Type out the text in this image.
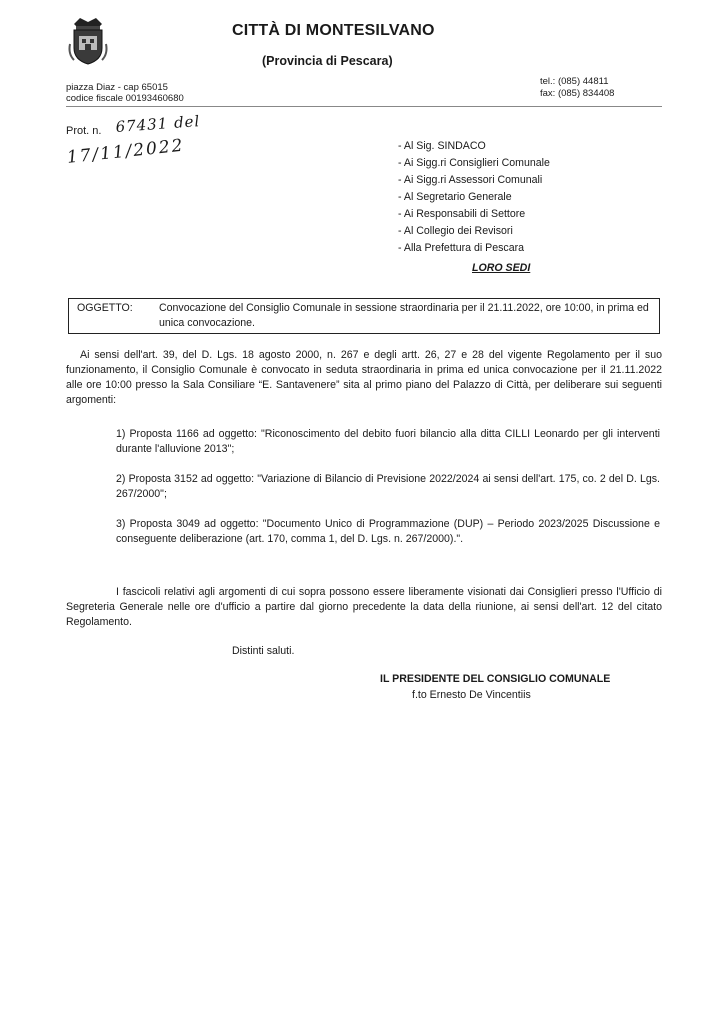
CITTÀ DI MONTESILVANO
(Provincia di Pescara)
piazza Diaz - cap 65015
codice fiscale 00193460680
tel.: (085) 44811
fax: (085) 834408
Prot. n. 67431 del
17/11/2022	- Al Sig. SINDACO
- Ai Sigg.ri Consiglieri Comunale
- Ai Sigg.ri Assessori Comunali
- Al Segretario Generale
- Ai Responsabili di Settore
- Al Collegio dei Revisori
- Alla Prefettura di Pescara
LORO SEDI
OGGETTO: Convocazione del Consiglio Comunale in sessione straordinaria per il 21.11.2022, ore 10:00, in prima ed unica convocazione.
Ai sensi dell'art. 39, del D. Lgs. 18 agosto 2000, n. 267 e degli artt. 26, 27 e 28 del vigente Regolamento per il suo funzionamento, il Consiglio Comunale è convocato in seduta straordinaria in prima ed unica convocazione per il 21.11.2022 alle ore 10:00 presso la Sala Consiliare “E. Santavenere” sita al primo piano del Palazzo di Città, per deliberare sui seguenti argomenti:
1) Proposta 1166 ad oggetto: "Riconoscimento del debito fuori bilancio alla ditta CILLI Leonardo per gli interventi durante l'alluvione 2013";
2) Proposta 3152 ad oggetto: "Variazione di Bilancio di Previsione 2022/2024 ai sensi dell'art. 175, co. 2 del D. Lgs. 267/2000";
3) Proposta 3049 ad oggetto: "Documento Unico di Programmazione (DUP) – Periodo 2023/2025 Discussione e conseguente deliberazione (art. 170, comma 1, del D. Lgs. n. 267/2000).".
I fascicoli relativi agli argomenti di cui sopra possono essere liberamente visionati dai Consiglieri presso l'Ufficio di Segreteria Generale nelle ore d'ufficio a partire dal giorno precedente la data della riunione, ai sensi dell'art. 12 del citato Regolamento.
Distinti saluti.
IL PRESIDENTE DEL CONSIGLIO COMUNALE
f.to Ernesto De Vincentiis
